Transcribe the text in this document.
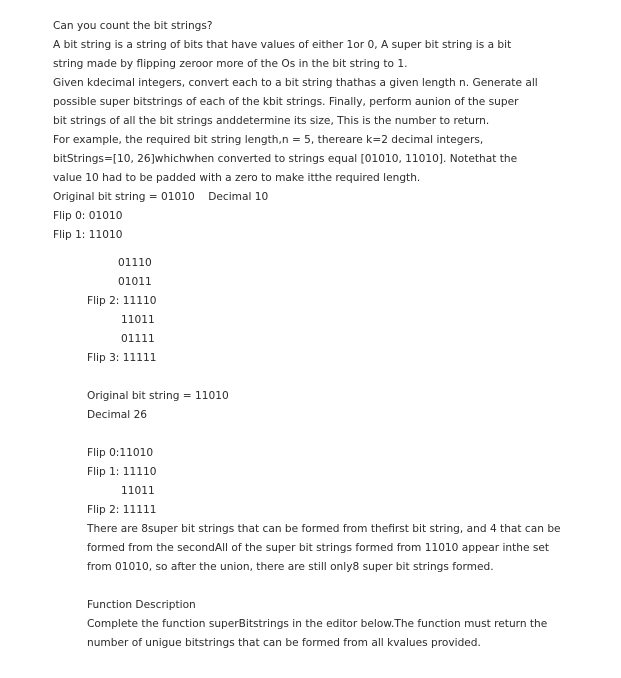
Can you count the bit strings?
A bit string is a string of bits that have values of either 1or 0, A super bit string is a bit
string made by flipping zeroor more of the Os in the bit string to 1.
Given kdecimal integers, convert each to a bit string thathas a given length n. Generate all
possible super bitstrings of each of the kbit strings. Finally, perform aunion of the super
bit strings of all the bit strings anddetermine its size, This is the number to return.
For example, the required bit string length,n = 5, thereare k=2 decimal integers,
bitStrings=[10, 26]whichwhen converted to strings equal [01010, 11010]. Notethat the
value 10 had to be padded with a zero to make itthe required length.
Original bit string = 01010    Decimal 10
Flip 0: 01010
Flip 1: 11010
01110
01011
Flip 2: 11110
11011
01111
Flip 3: 11111
Original bit string = 11010
Decimal 26
Flip 0:11010
Flip 1: 11110
11011
Flip 2: 11111
There are 8super bit strings that can be formed from thefirst bit string, and 4 that can be
formed from the secondAll of the super bit strings formed from 11010 appear inthe set
from 01010, so after the union, there are still only8 super bit strings formed.
Function Description
Complete the function superBitstrings in the editor below.The function must return the
number of unigue bitstrings that can be formed from all kvalues provided.
